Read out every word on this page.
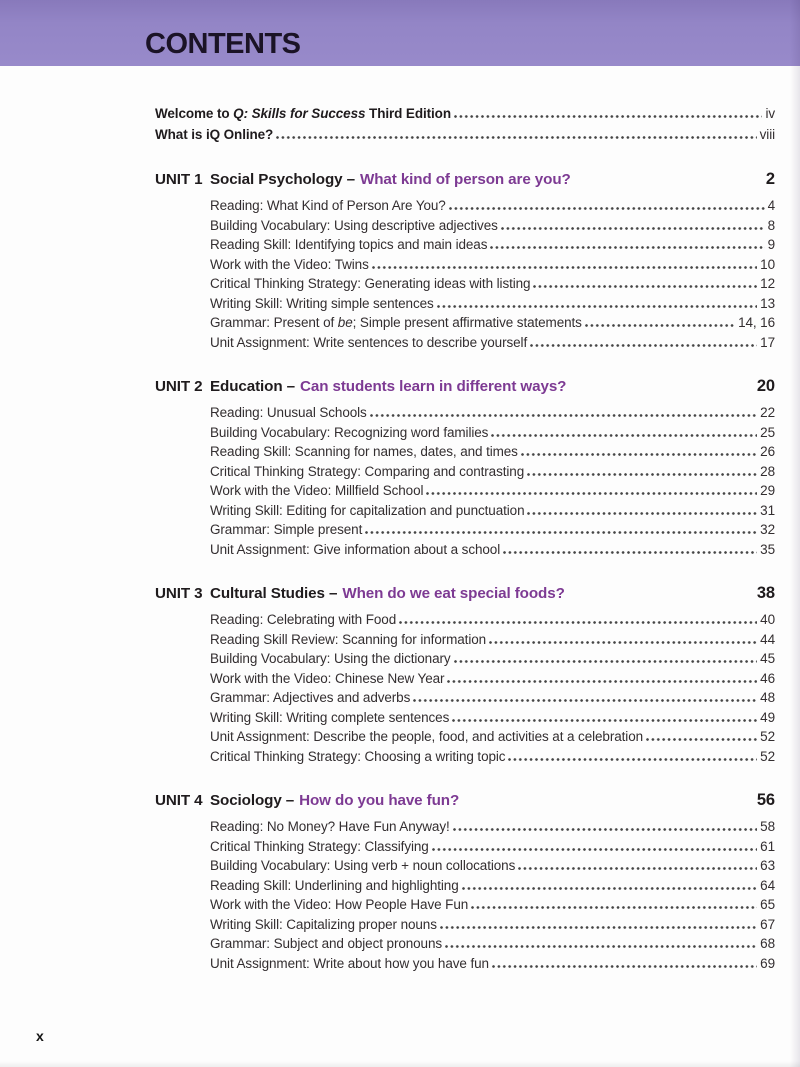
CONTENTS
Welcome to Q: Skills for Success Third Edition	iv
What is iQ Online?	viii
UNIT 1 Social Psychology – What kind of person are you?	2
Reading: What Kind of Person Are You?	4
Building Vocabulary: Using descriptive adjectives	8
Reading Skill: Identifying topics and main ideas	9
Work with the Video: Twins	10
Critical Thinking Strategy: Generating ideas with listing	12
Writing Skill: Writing simple sentences	13
Grammar: Present of be; Simple present affirmative statements	14, 16
Unit Assignment: Write sentences to describe yourself	17
UNIT 2 Education – Can students learn in different ways?	20
Reading: Unusual Schools	22
Building Vocabulary: Recognizing word families	25
Reading Skill: Scanning for names, dates, and times	26
Critical Thinking Strategy: Comparing and contrasting	28
Work with the Video: Millfield School	29
Writing Skill: Editing for capitalization and punctuation	31
Grammar: Simple present	32
Unit Assignment: Give information about a school	35
UNIT 3 Cultural Studies – When do we eat special foods?	38
Reading: Celebrating with Food	40
Reading Skill Review: Scanning for information	44
Building Vocabulary: Using the dictionary	45
Work with the Video: Chinese New Year	46
Grammar: Adjectives and adverbs	48
Writing Skill: Writing complete sentences	49
Unit Assignment: Describe the people, food, and activities at a celebration	52
Critical Thinking Strategy: Choosing a writing topic	52
UNIT 4 Sociology – How do you have fun?	56
Reading: No Money? Have Fun Anyway!	58
Critical Thinking Strategy: Classifying	61
Building Vocabulary: Using verb + noun collocations	63
Reading Skill: Underlining and highlighting	64
Work with the Video: How People Have Fun	65
Writing Skill: Capitalizing proper nouns	67
Grammar: Subject and object pronouns	68
Unit Assignment: Write about how you have fun	69
x
